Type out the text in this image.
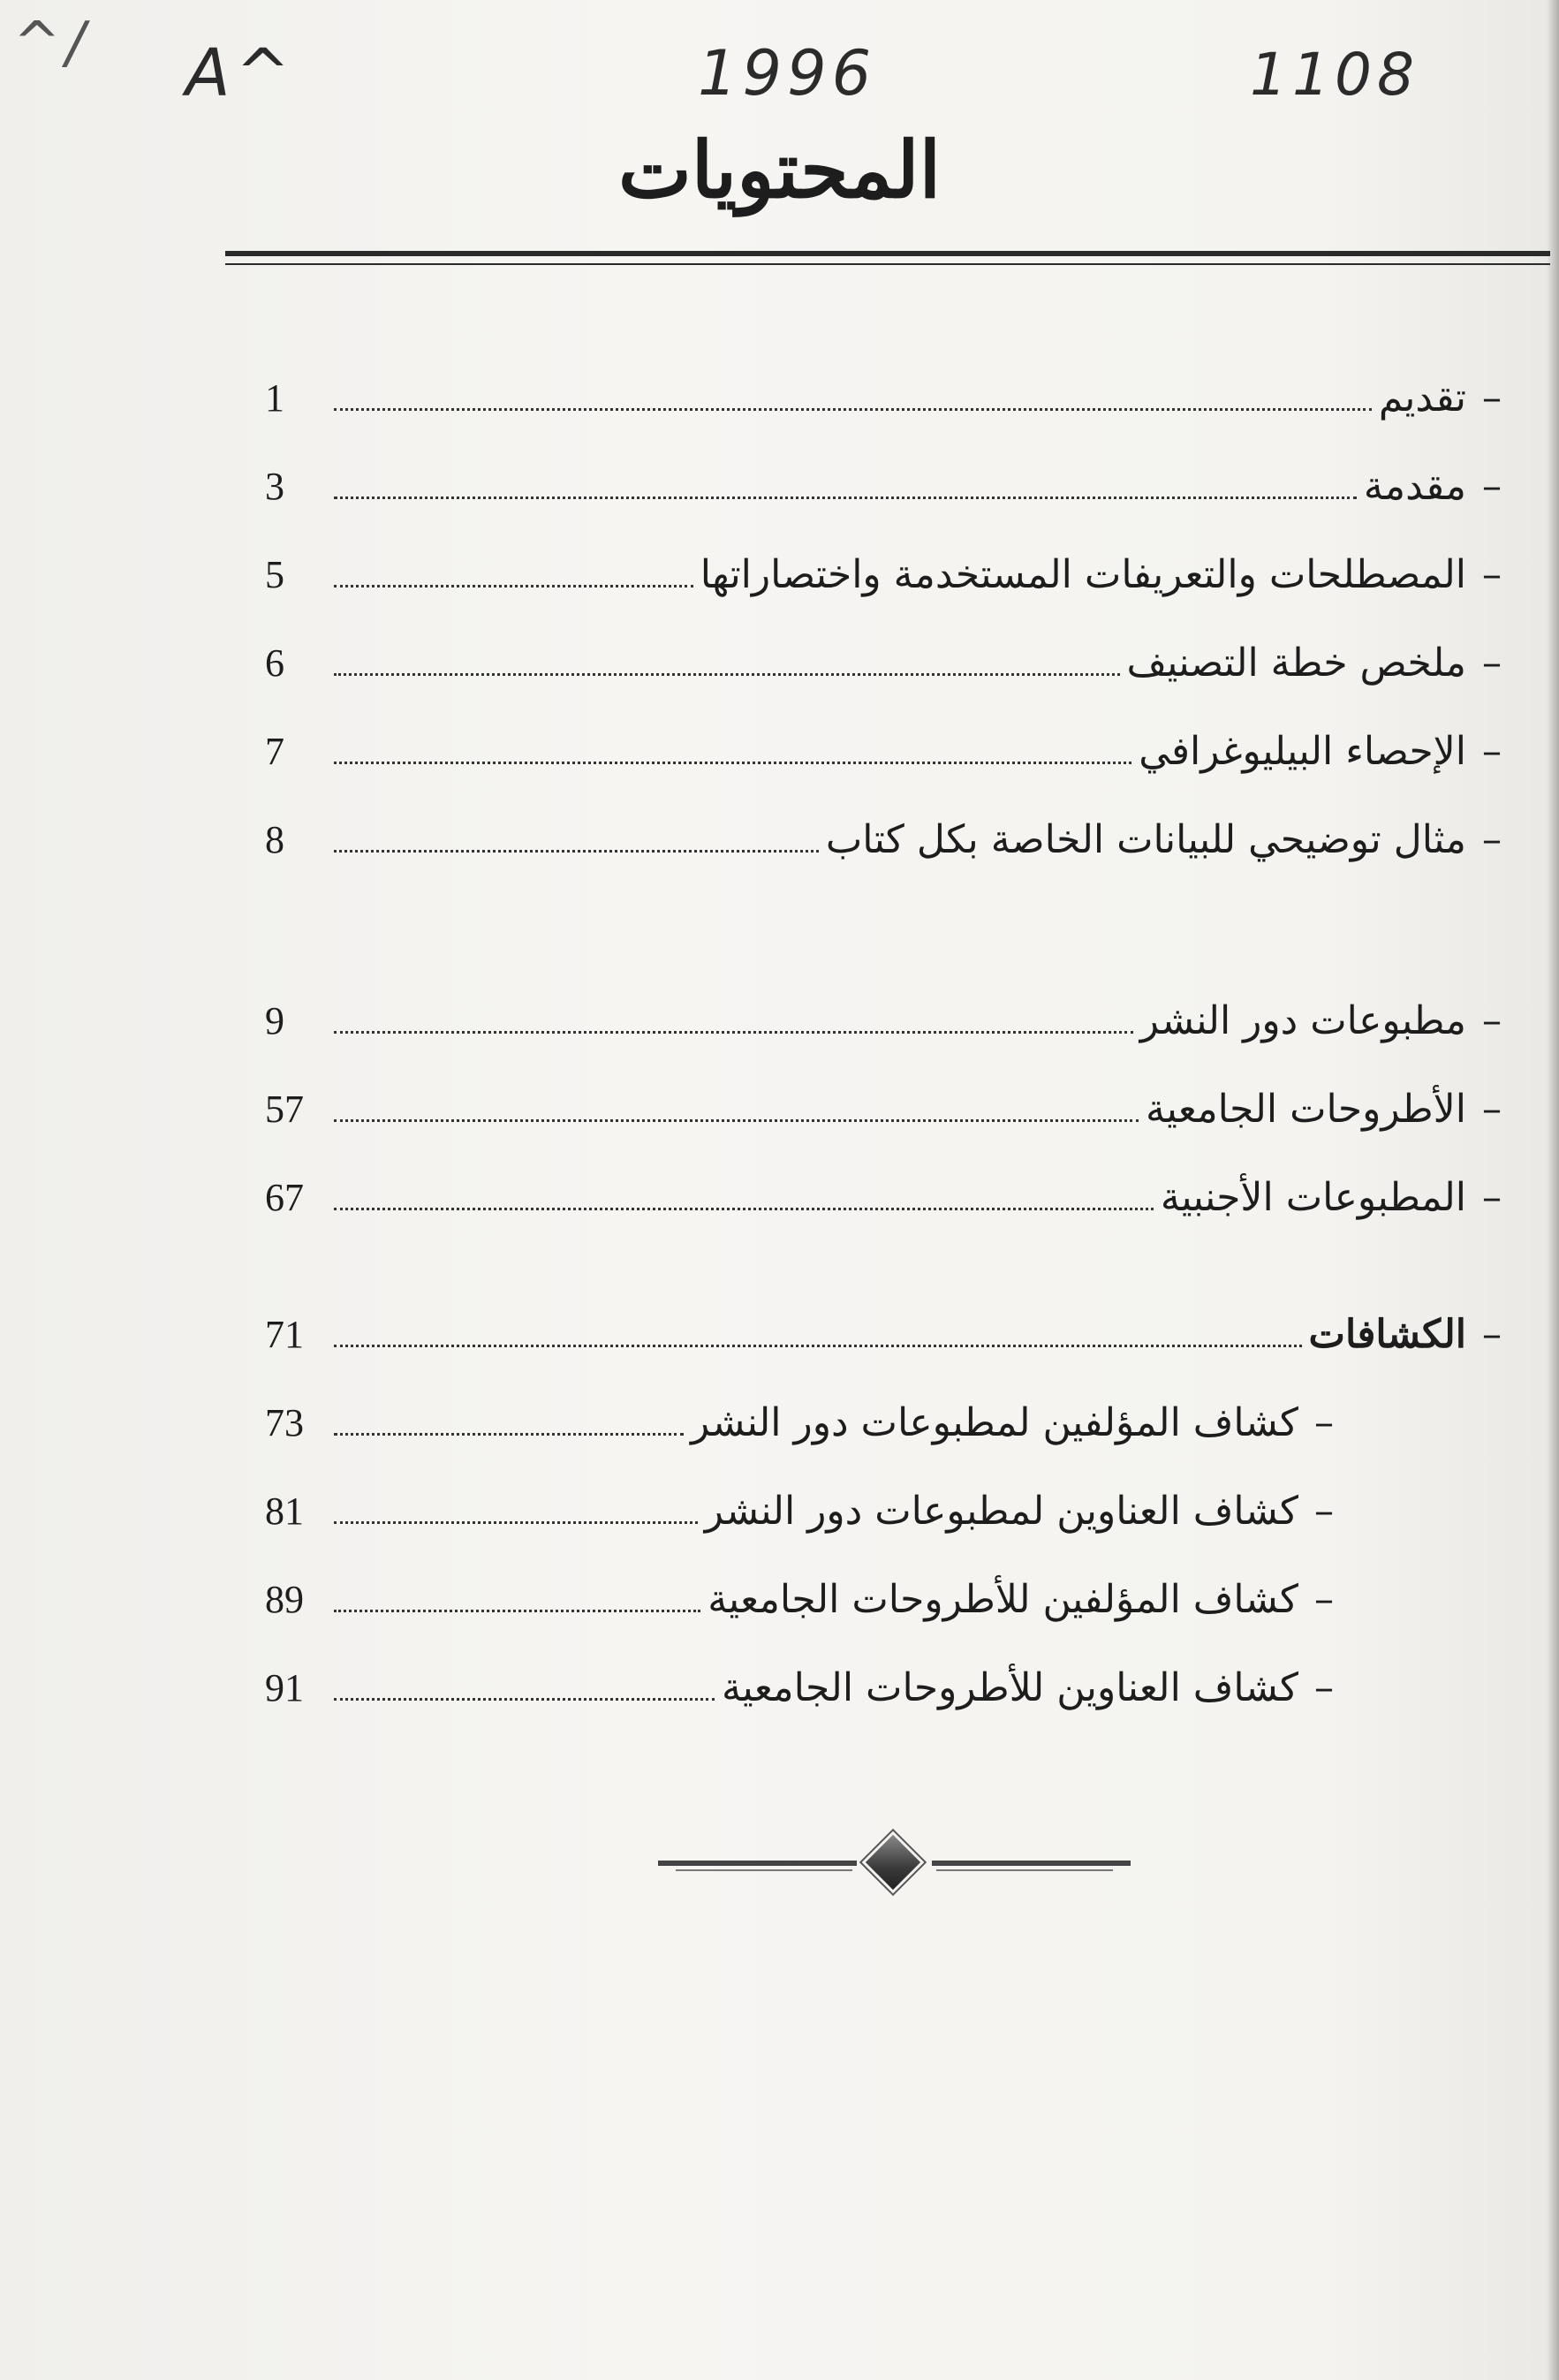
^/ A^	1996	1108
المحتويات
–
تقديم
1
–
مقدمة
3
–
المصطلحات والتعريفات المستخدمة واختصاراتها
5
–
ملخص خطة التصنيف
6
–
الإحصاء البيليوغرافي
7
–
مثال توضيحي للبيانات الخاصة بكل كتاب
8
–
مطبوعات دور النشر
9
–
الأطروحات الجامعية
57
–
المطبوعات الأجنبية
67
–
الكشافات
71
–
كشاف المؤلفين لمطبوعات دور النشر
73
–
كشاف العناوين لمطبوعات دور النشر
81
–
كشاف المؤلفين للأطروحات الجامعية
89
–
كشاف العناوين للأطروحات الجامعية
91
